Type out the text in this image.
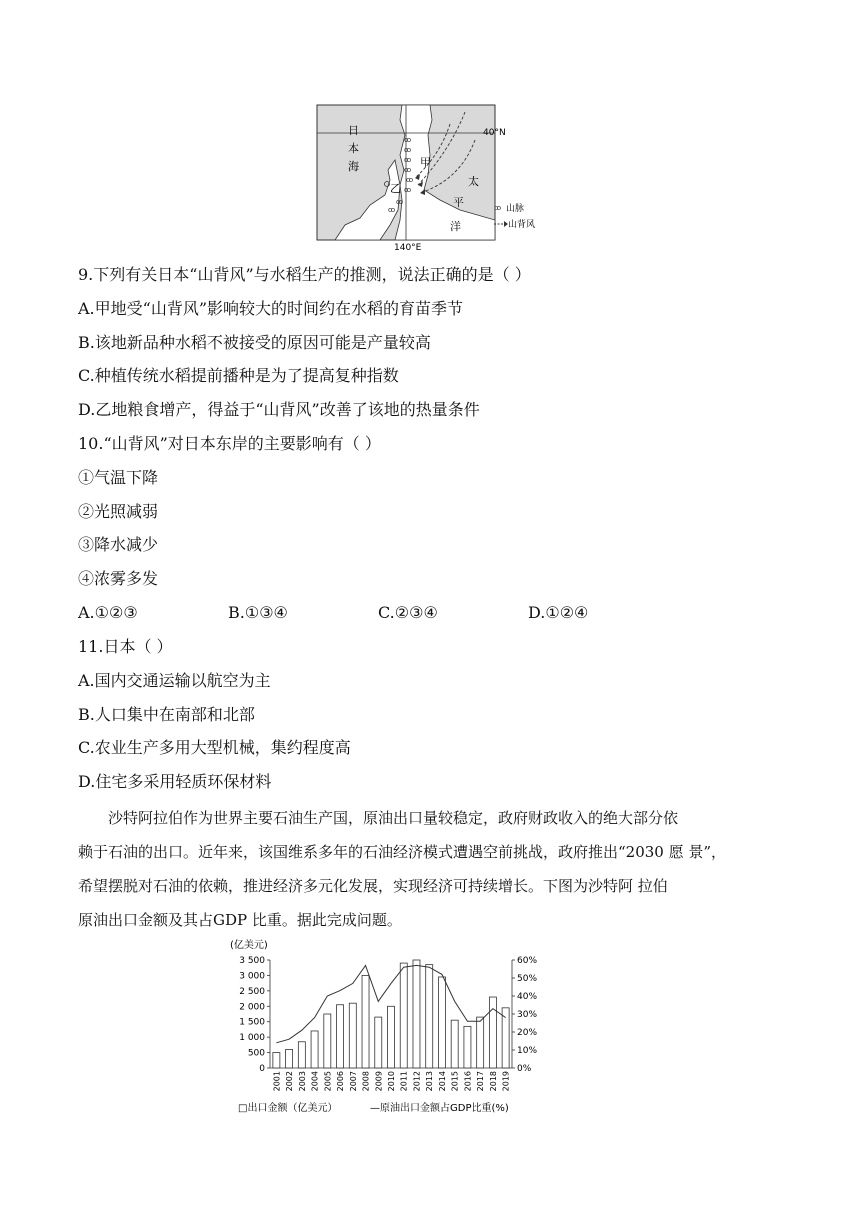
ꝏ
ꝏ
ꝏ
ꝏ
ꝏ
ꝏ
ꝏ
ꝏ
日
本
海	甲
乙
太
平
洋
40°N
140°E
ꝏ 山脉
山背风
9.下列有关日本“山背风”与水稻生产的推测，说法正确的是（ ）
A.甲地受“山背风”影响较大的时间约在水稻的育苗季节
B.该地新品种水稻不被接受的原因可能是产量较高
C.种植传统水稻提前播种是为了提高复种指数
D.乙地粮食增产，得益于“山背风”改善了该地的热量条件
10.“山背风”对日本东岸的主要影响有（ ）
①气温下降
②光照减弱
③降水减少
④浓雾多发
A.①②③	B.①③④	C.②③④	D.①②④
11.日本（ ）
A.国内交通运输以航空为主
B.人口集中在南部和北部
C.农业生产多用大型机械，集约程度高
D.住宅多采用轻质环保材料
沙特阿拉伯作为世界主要石油生产国，原油出口量较稳定，政府财政收入的绝大部分依
赖于石油的出口。近年来，该国维系多年的石油经济模式遭遇空前挑战，政府推出“2030 愿 景”，
希望摆脱对石油的依赖，推进经济多元化发展，实现经济可持续增长。下图为沙特阿 拉伯
原油出口金额及其占GDP 比重。据此完成问题。
(亿美元)
3 500
3 000
2 500
2 000
1 500
1 000
500
0
60%
50%
40%
30%
20%
10%
0%
2001 2002 2003 2004 2005 2006 2007 2008 2009 2010 2011 2012 2013 2014 2015 2016 2017 2018 2019
□出口金额（亿美元）	—原油出口金额占GDP比重(%)
